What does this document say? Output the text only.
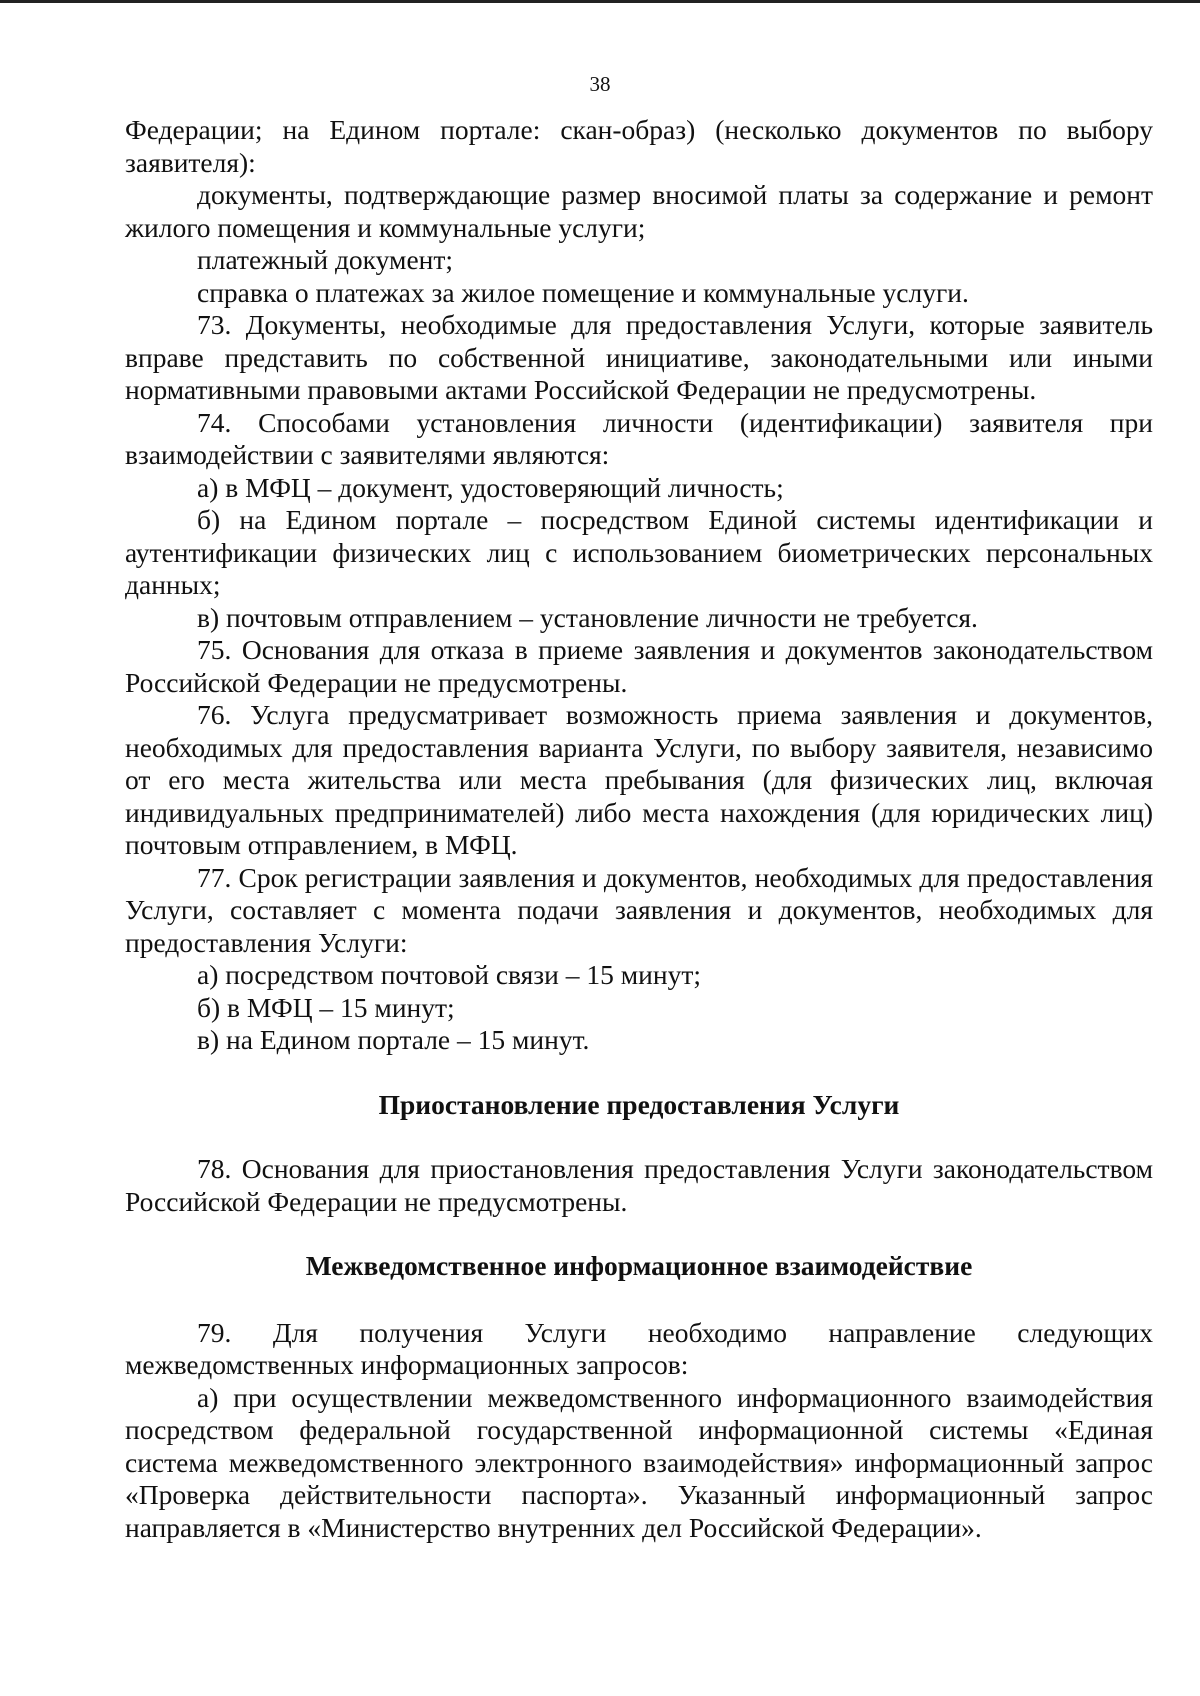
38

Федерации; на Едином портале: скан-образ) (несколько документов по выбору заявителя):

документы, подтверждающие размер вносимой платы за содержание и ремонт жилого помещения и коммунальные услуги;

платежный документ;

справка о платежах за жилое помещение и коммунальные услуги.

73. Документы, необходимые для предоставления Услуги, которые заявитель вправе представить по собственной инициативе, законодательными или иными нормативными правовыми актами Российской Федерации не предусмотрены.

74. Способами установления личности (идентификации) заявителя при взаимодействии с заявителями являются:

а) в МФЦ – документ, удостоверяющий личность;

б) на Едином портале – посредством Единой системы идентификации и аутентификации физических лиц с использованием биометрических персональных данных;

в) почтовым отправлением – установление личности не требуется.

75. Основания для отказа в приеме заявления и документов законодательством Российской Федерации не предусмотрены.

76. Услуга предусматривает возможность приема заявления и документов, необходимых для предоставления варианта Услуги, по выбору заявителя, независимо от его места жительства или места пребывания (для физических лиц, включая индивидуальных предпринимателей) либо места нахождения (для юридических лиц) почтовым отправлением, в МФЦ.

77. Срок регистрации заявления и документов, необходимых для предоставления Услуги, составляет с момента подачи заявления и документов, необходимых для предоставления Услуги:

а) посредством почтовой связи – 15 минут;

б) в МФЦ – 15 минут;

в) на Едином портале – 15 минут.

Приостановление предоставления Услуги

78. Основания для приостановления предоставления Услуги законодательством Российской Федерации не предусмотрены.

Межведомственное информационное взаимодействие

79. Для получения Услуги необходимо направление следующих межведомственных информационных запросов:

а) при осуществлении межведомственного информационного взаимодействия посредством федеральной государственной информационной системы «Единая система межведомственного электронного взаимодействия» информационный запрос «Проверка действительности паспорта». Указанный информационный запрос направляется в «Министерство внутренних дел Российской Федерации».
